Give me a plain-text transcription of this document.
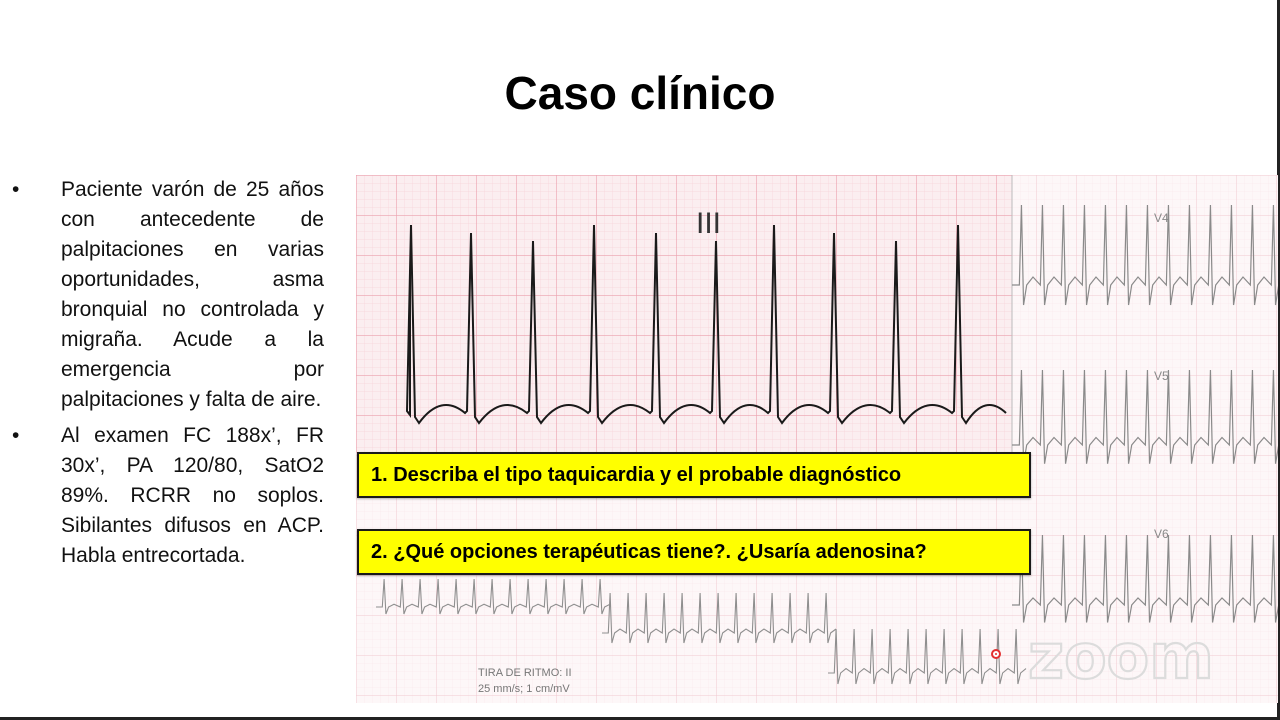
Caso clínico
• Paciente varón de 25 años con antecedente de palpitaciones en varias oportunidades, asma bronquial no controlada y migraña. Acude a la emergencia por palpitaciones y falta de aire.
• Al examen FC 188x’, FR 30x’, PA 120/80, SatO2 89%. RCRR no soplos. Sibilantes difusos en ACP. Habla entrecortada.
III	V4
V5
V6
TIRA DE RITMO: II
25 mm/s; 1 cm/mV	zoom
1. Describa el tipo taquicardia y el probable diagnóstico
2. ¿Qué opciones terapéuticas tiene?. ¿Usaría adenosina?
